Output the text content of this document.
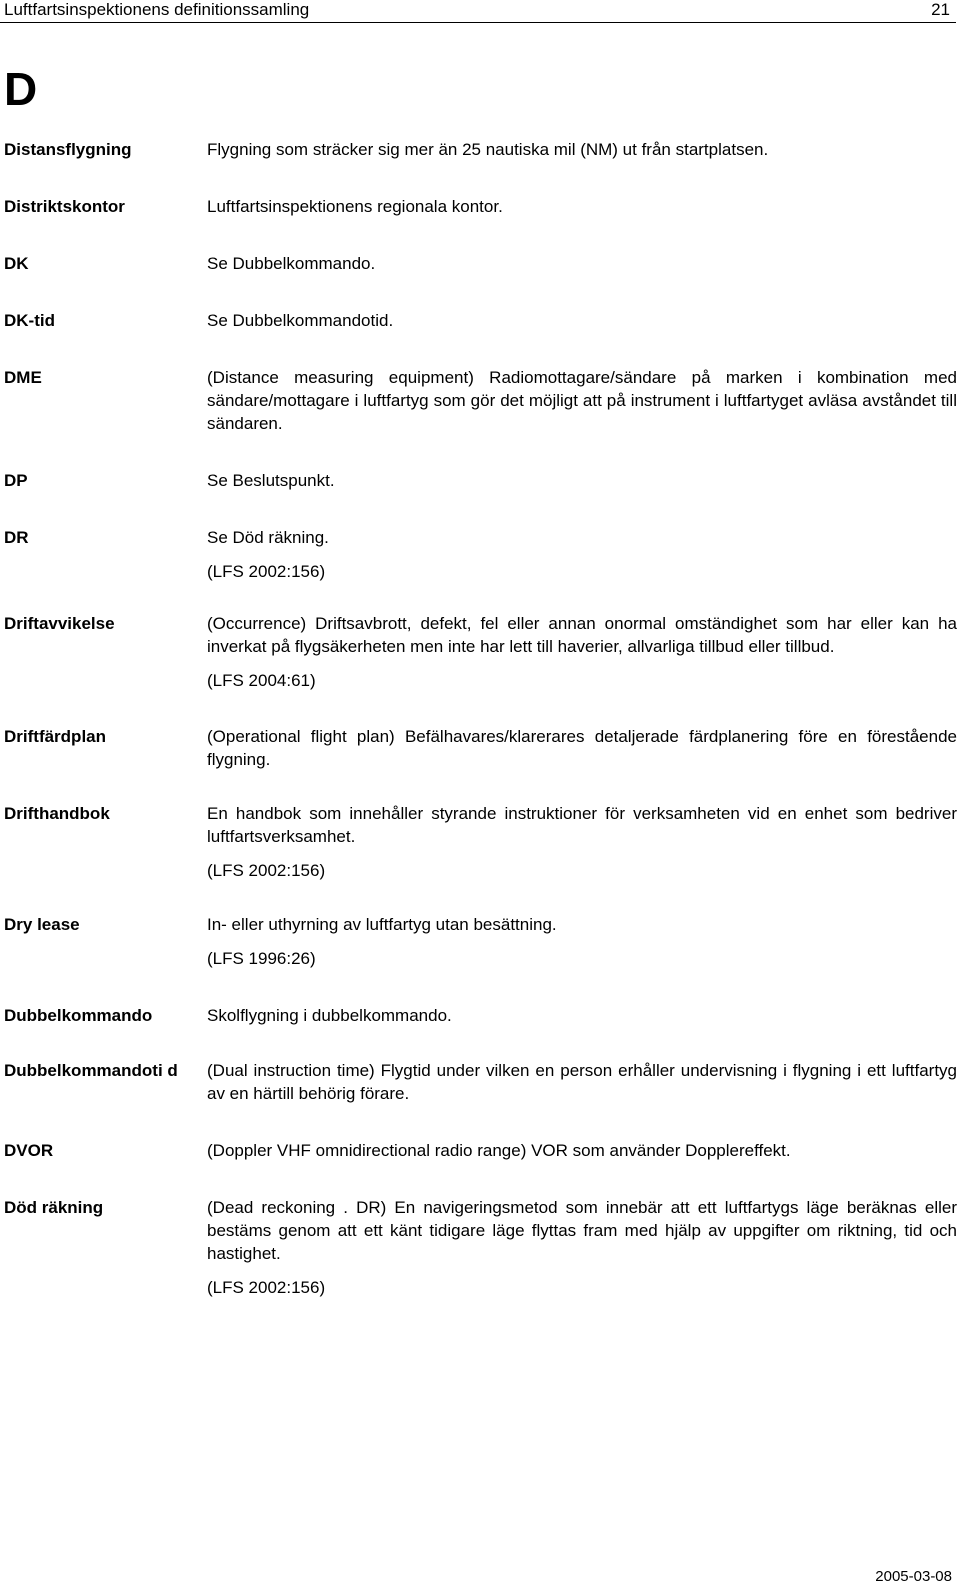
Luftfartsinspektionens definitionssamling	21
D
Distansflygning	Flygning som sträcker sig mer än 25 nautiska mil (NM) ut från startplatsen.

Distriktskontor	Luftfartsinspektionens regionala kontor.

DK	Se Dubbelkommando.

DK-tid	Se Dubbelkommandotid.

DME	(Distance measuring equipment) Radiomottagare/sändare på marken i kombination med sändare/mottagare i luftfartyg som gör det möjligt att på instrument i luftfartyget avläsa avståndet till sändaren.

DP	Se Beslutspunkt.

DR	Se Död räkning.

(LFS 2002:156)

Driftavvikelse	(Occurrence) Driftsavbrott, defekt, fel eller annan onormal omständighet som har eller kan ha inverkat på flygsäkerheten men inte har lett till haverier, allvarliga tillbud eller tillbud.

(LFS 2004:61)

Driftfärdplan	(Operational flight plan) Befälhavares/klarerares detaljerade färdplanering före en förestående flygning.

Drifthandbok	En handbok som innehåller styrande instruktioner för verksamheten vid en enhet som bedriver luftfartsverksamhet.

(LFS 2002:156)

Dry lease	In- eller uthyrning av luftfartyg utan besättning.

(LFS 1996:26)

Dubbelkommando	Skolflygning i dubbelkommando.

Dubbelkommandoti d	(Dual instruction time) Flygtid under vilken en person erhåller undervisning i flygning i ett luftfartyg av en härtill behörig förare.

DVOR	(Doppler VHF omnidirectional radio range) VOR som använder Dopplereffekt.

Död räkning	(Dead reckoning . DR) En navigeringsmetod som innebär att ett luftfartygs läge beräknas eller bestäms genom att ett känt tidigare läge flyttas fram med hjälp av uppgifter om riktning, tid och hastighet.

(LFS 2002:156)

2005-03-08
